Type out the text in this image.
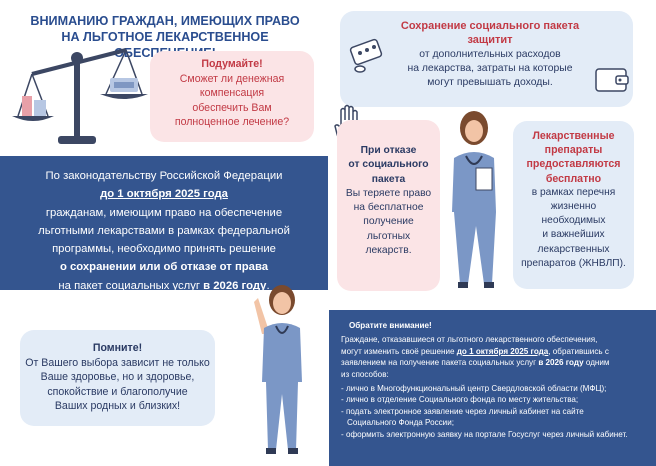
ВНИМАНИЮ ГРАЖДАН, ИМЕЮЩИХ ПРАВО
НА ЛЬГОТНОЕ ЛЕКАРСТВЕННОЕ
Подумайте!
Сможет ли денежная
компенсация
обеспечить Вам
полноценное лечение?
По законодательству Российской Федерации
до 1 октября 2025 года
гражданам, имеющим право на обеспечение
льготными лекарствами в рамках федеральной
программы, необходимо принять решение
о сохранении или об отказе от права
на пакет социальных услуг в 2026 году.
Помните!
От Вашего выбора зависит не только
Ваше здоровье, но и здоровье,
спокойствие и благополучие
Ваших родных и близких!
Сохранение социального пакета
защитит
от дополнительных расходов
на лекарства, затраты на которые
могут превышать доходы.
При отказе
от социального
пакета
Вы теряете право
на бесплатное
получение
льготных
лекарств.
Лекарственные
препараты
предоставляются
бесплатно
в рамках перечня
жизненно
необходимых
и важнейших
лекарственных
препаратов (ЖНВЛП).
Обратите внимание!
Граждане, отказавшиеся от льготного лекарственного обеспечения,
могут изменить своё решение до 1 октября 2025 года, обратившись с
заявлением на получение пакета социальных услуг в 2026 году одним
из способов:
- лично в Многофункциональный центр Свердловской области (МФЦ);
- лично в отделение Социального фонда по месту жительства;
- подать электронное заявление через личный кабинет на сайте
Социального Фонда России;
- оформить электронную заявку на портале Госуслуг через личный кабинет.
